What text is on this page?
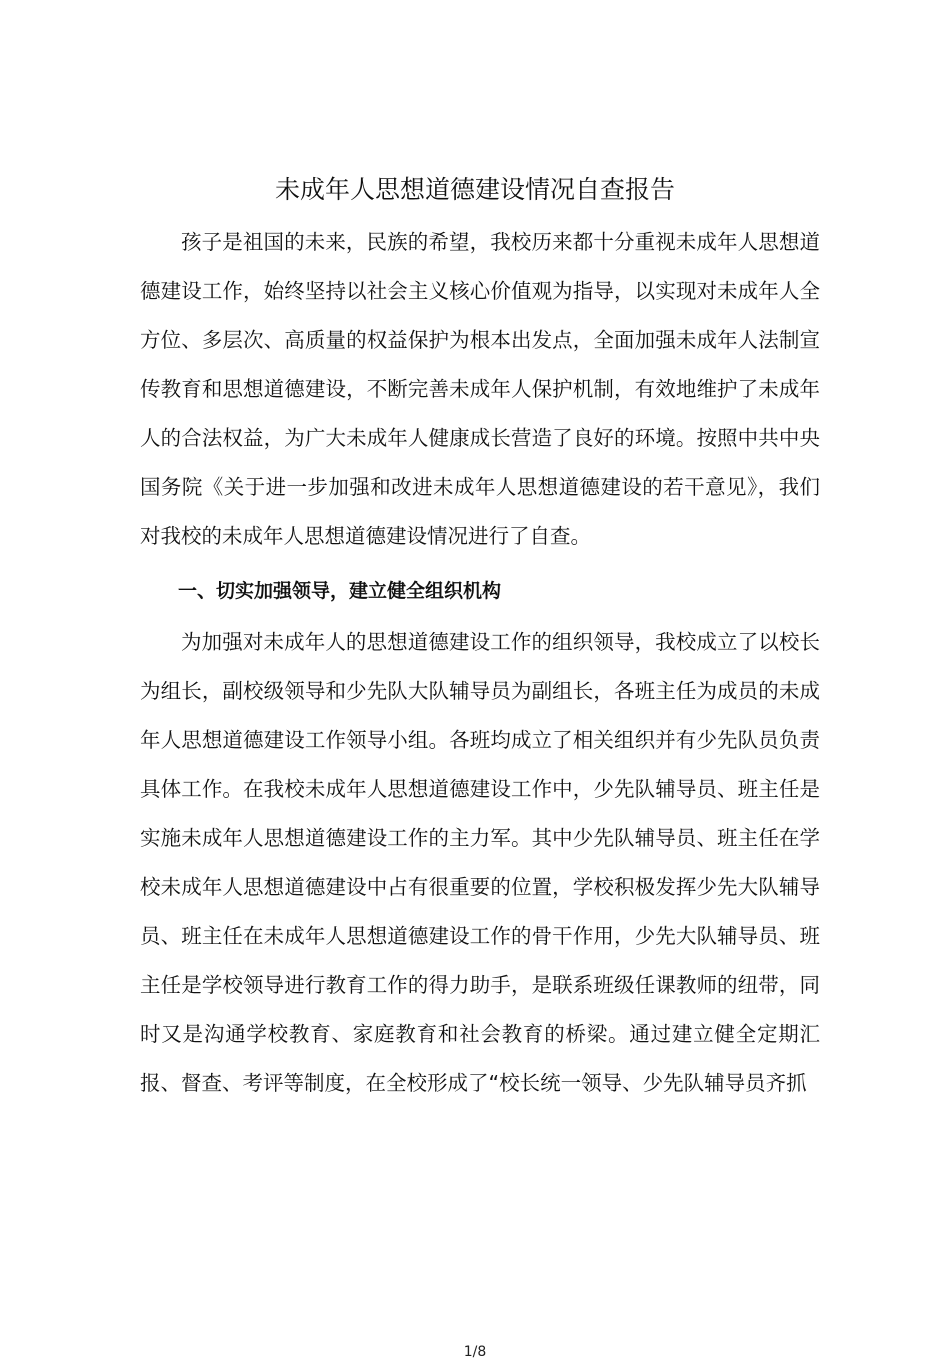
未成年人思想道德建设情况自查报告

孩子是祖国的未来，民族的希望，我校历来都十分重视未成年人思想道德建设工作，始终坚持以社会主义核心价值观为指导，以实现对未成年人全方位、多层次、高质量的权益保护为根本出发点，全面加强未成年人法制宣传教育和思想道德建设，不断完善未成年人保护机制，有效地维护了未成年人的合法权益，为广大未成年人健康成长营造了良好的环境。按照中共中央国务院《关于进一步加强和改进未成年人思想道德建设的若干意见》，我们对我校的未成年人思想道德建设情况进行了自查。

一、切实加强领导，建立健全组织机构

为加强对未成年人的思想道德建设工作的组织领导，我校成立了以校长为组长，副校级领导和少先队大队辅导员为副组长，各班主任为成员的未成年人思想道德建设工作领导小组。各班均成立了相关组织并有少先队员负责具体工作。在我校未成年人思想道德建设工作中，少先队辅导员、班主任是实施未成年人思想道德建设工作的主力军。其中少先队辅导员、班主任在学校未成年人思想道德建设中占有很重要的位置，学校积极发挥少先大队辅导员、班主任在未成年人思想道德建设工作的骨干作用，少先大队辅导员、班主任是学校领导进行教育工作的得力助手，是联系班级任课教师的纽带，同时又是沟通学校教育、家庭教育和社会教育的桥梁。通过建立健全定期汇报、督查、考评等制度，在全校形成了“校长统一领导、少先队辅导员齐抓

1/8
